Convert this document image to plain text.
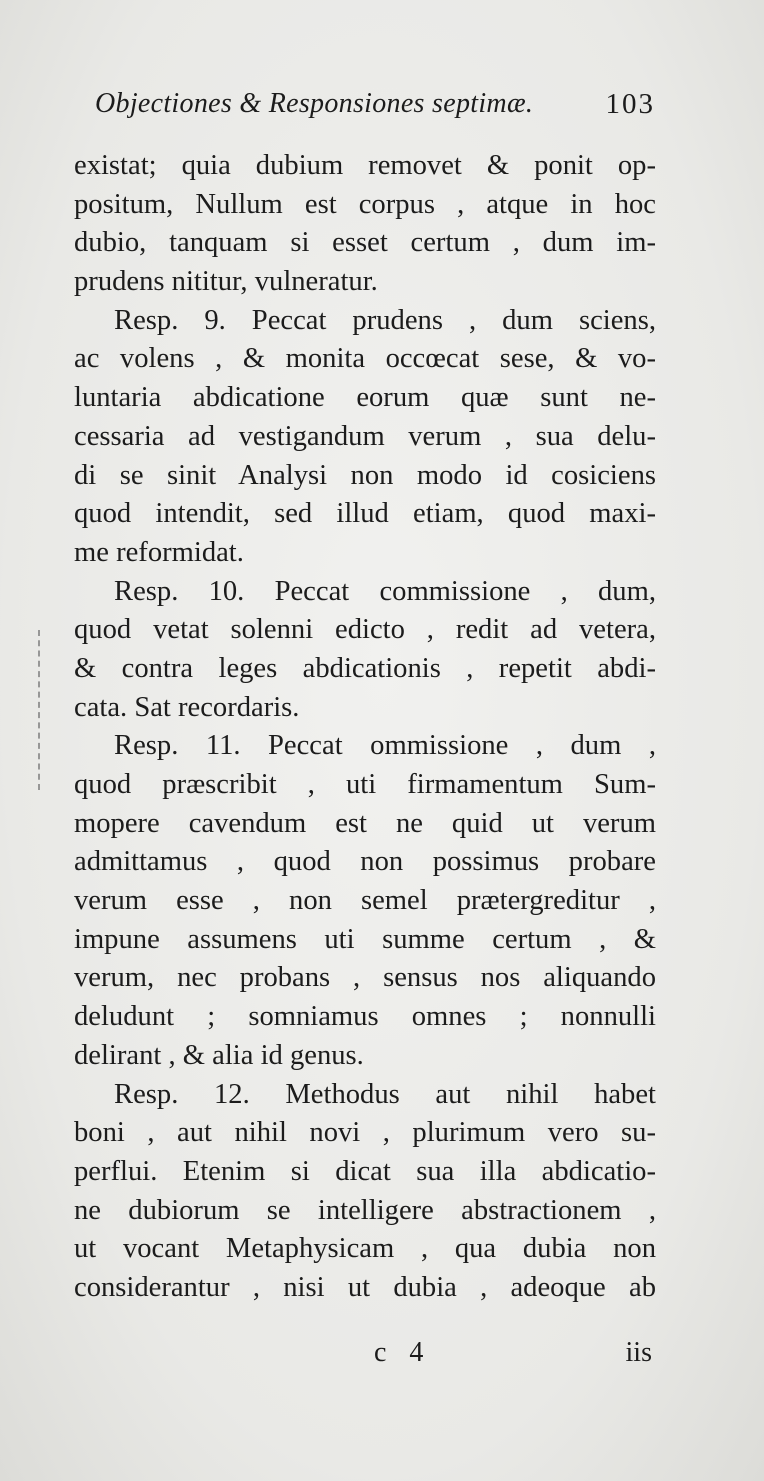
Objectiones & Responsiones septimæ. 103
existat; quia dubium removet & ponit op-
positum, Nullum est corpus , atque in hoc
dubio, tanquam si esset certum , dum im-
prudens nititur, vulneratur.
Resp. 9. Peccat prudens , dum sciens,
ac volens , & monita occœcat sese, & vo-
luntaria abdicatione eorum quæ sunt ne-
cessaria ad vestigandum verum , sua delu-
di se sinit Analysi non modo id cosiciens
quod intendit, sed illud etiam, quod maxi-
me reformidat.
Resp. 10. Peccat commissione , dum,
quod vetat solenni edicto , redit ad vetera,
& contra leges abdicationis , repetit abdi-
cata. Sat recordaris.
Resp. 11. Peccat ommissione , dum ,
quod præscribit , uti firmamentum Sum-
mopere cavendum est ne quid ut verum
admittamus , quod non possimus probare
verum esse , non semel prætergreditur ,
impune assumens uti summe certum , &
verum, nec probans , sensus nos aliquando
deludunt ; somniamus omnes ; nonnulli
delirant , & alia id genus.
Resp. 12. Methodus aut nihil habet
boni , aut nihil novi , plurimum vero su-
perflui. Etenim si dicat sua illa abdicatio-
ne dubiorum se intelligere abstractionem ,
ut vocant Metaphysicam , qua dubia non
considerantur , nisi ut dubia , adeoque ab
c 4	iis
